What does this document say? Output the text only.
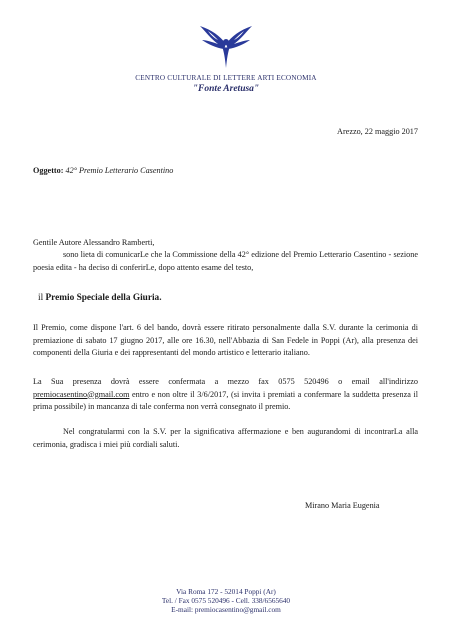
CENTRO CULTURALE DI LETTERE ARTI ECONOMIA
"Fonte Aretusa"
Arezzo, 22 maggio 2017
Oggetto: 42° Premio Letterario Casentino
Gentile Autore Alessandro Ramberti,
sono lieta di comunicarLe che la Commissione della 42° edizione del Premio Letterario Casentino - sezione poesia edita - ha deciso di conferirLe, dopo attento esame del testo,
il Premio Speciale della Giuria.
Il Premio, come dispone l'art. 6 del bando, dovrà essere ritirato personalmente dalla S.V. durante la cerimonia di premiazione di sabato 17 giugno 2017, alle ore 16.30, nell'Abbazia di San Fedele in Poppi (Ar), alla presenza dei componenti della Giuria e dei rappresentanti del mondo artistico e letterario italiano.
La Sua presenza dovrà essere confermata a mezzo fax 0575 520496 o email all'indirizzo premiocasentino@gmail.com entro e non oltre il 3/6/2017, (si invita i premiati a confermare la suddetta presenza il prima possibile) in mancanza di tale conferma non verrà consegnato il premio.
Nel congratularmi con la S.V. per la significativa affermazione e ben augurandomi di incontrarLa alla cerimonia, gradisca i miei più cordiali saluti.
Mirano Maria Eugenia
Via Roma 172 - 52014 Poppi (Ar)
Tel. / Fax 0575 520496 - Cell. 338/6565640
E-mail: premiocasentino@gmail.com
